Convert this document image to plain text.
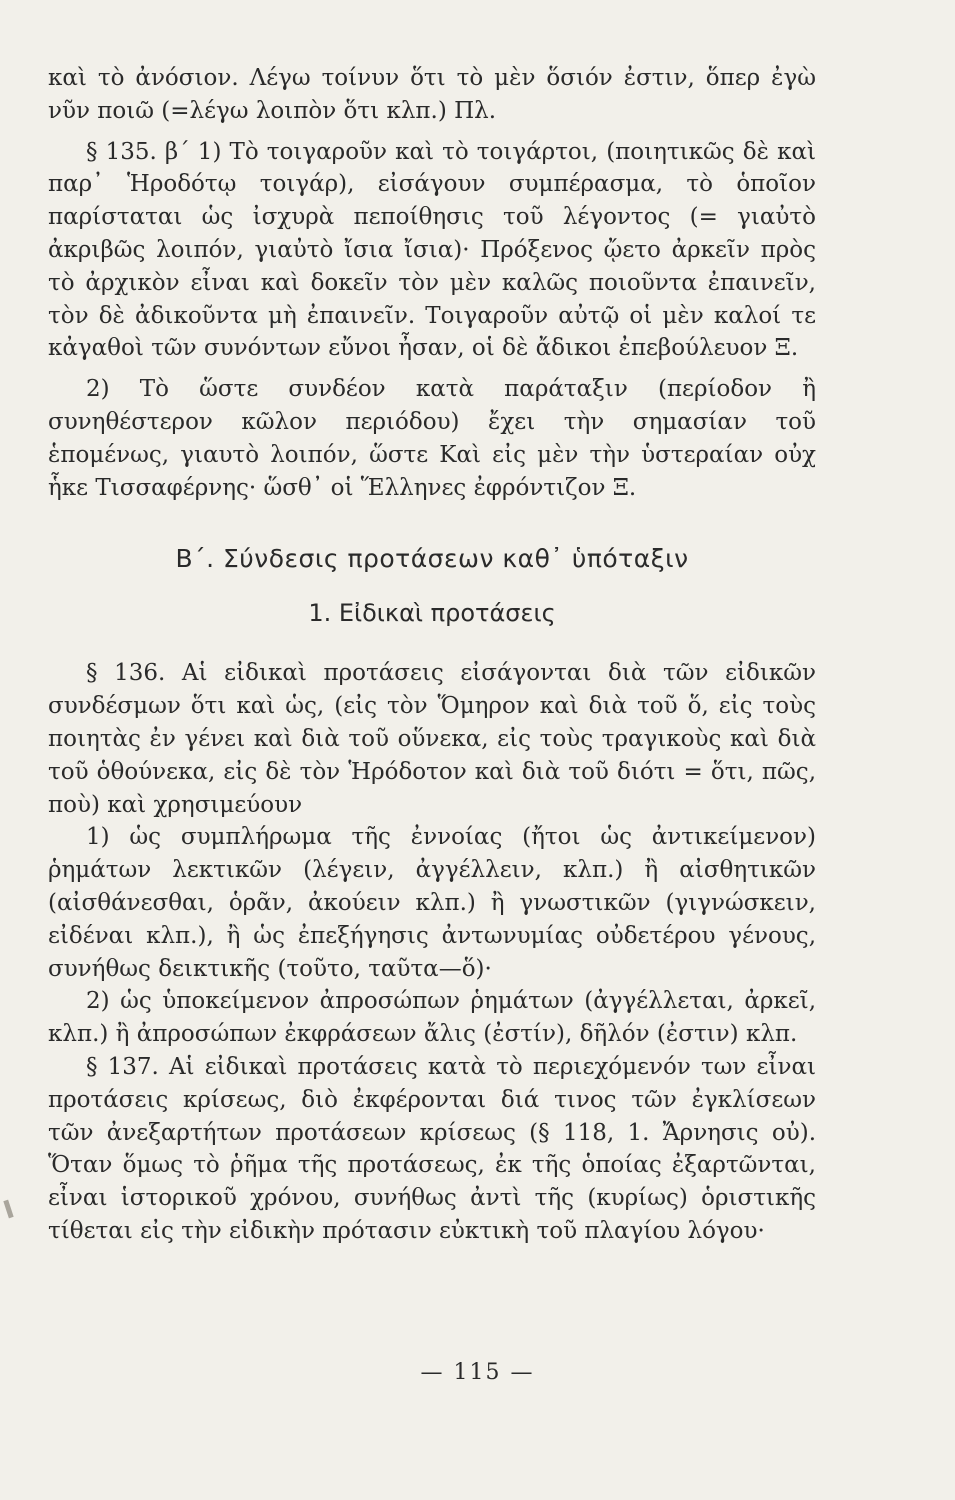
καὶ τὸ ἀνόσιον. Λέγω τοίνυν ὅτι τὸ μὲν ὅσιόν ἐστιν, ὅπερ ἐγὼ νῦν ποιῶ (=λέγω λοιπὸν ὅτι κλπ.) Πλ.

§ 135. β΄ 1) Τὸ τοιγαροῦν καὶ τὸ τοιγάρτοι, (ποιητικῶς δὲ καὶ παρ᾽ Ἡροδότῳ τοιγάρ), εἰσάγουν συμπέρασμα, τὸ ὁποῖον παρίσταται ὡς ἰσχυρὰ πεποίθησις τοῦ λέγοντος (= γιαὐτὸ ἀκριβῶς λοιπόν, γιαὐτὸ ἴσια ἴσια)· Πρόξενος ᾤετο ἀρκεῖν πρὸς τὸ ἀρχικὸν εἶναι καὶ δοκεῖν τὸν μὲν καλῶς ποιοῦντα ἐπαινεῖν, τὸν δὲ ἀδικοῦντα μὴ ἐπαινεῖν. Τοιγαροῦν αὐτῷ οἱ μὲν καλοί τε κἀγαθοὶ τῶν συνόντων εὔνοι ἦσαν, οἱ δὲ ἄδικοι ἐπεβούλευον Ξ.

2) Τὸ ὥστε συνδέον κατὰ παράταξιν (περίοδον ἢ συνηθέστερον κῶλον περιόδου) ἔχει τὴν σημασίαν τοῦ ἑπομένως, γιαυτὸ λοιπόν, ὥστε Καὶ εἰς μὲν τὴν ὑστεραίαν οὐχ ἧκε Τισσαφέρνης· ὥσθ᾽ οἱ Ἕλληνες ἐφρόντιζον Ξ.

Β΄. Σύνδεσις προτάσεων καθ᾽ ὑπόταξιν
1. Εἰδικαὶ προτάσεις

§ 136. Αἱ εἰδικαὶ προτάσεις εἰσάγονται διὰ τῶν εἰδικῶν συνδέσμων ὅτι καὶ ὡς, (εἰς τὸν Ὅμηρον καὶ διὰ τοῦ ὅ, εἰς τοὺς ποιητὰς ἐν γένει καὶ διὰ τοῦ οὕνεκα, εἰς τοὺς τραγικοὺς καὶ διὰ τοῦ ὁθούνεκα, εἰς δὲ τὸν Ἡρόδοτον καὶ διὰ τοῦ διότι = ὅτι, πῶς, ποὺ) καὶ χρησιμεύουν

1) ὡς συμπλήρωμα τῆς ἐννοίας (ἤτοι ὡς ἀντικείμενον) ῥημάτων λεκτικῶν (λέγειν, ἀγγέλλειν, κλπ.) ἢ αἰσθητικῶν (αἰσθάνεσθαι, ὁρᾶν, ἀκούειν κλπ.) ἢ γνωστικῶν (γιγνώσκειν, εἰδέναι κλπ.), ἢ ὡς ἐπεξήγησις ἀντωνυμίας οὐδετέρου γένους, συνήθως δεικτικῆς (τοῦτο, ταῦτα—ὅ)·

2) ὡς ὑποκείμενον ἀπροσώπων ῥημάτων (ἀγγέλλεται, ἀρκεῖ, κλπ.) ἢ ἀπροσώπων ἐκφράσεων ἄλις (ἐστίν), δῆλόν (ἐστιν) κλπ.

§ 137. Αἱ εἰδικαὶ προτάσεις κατὰ τὸ περιεχόμενόν των εἶναι προτάσεις κρίσεως, διὸ ἐκφέρονται διά τινος τῶν ἐγκλίσεων τῶν ἀνεξαρτήτων προτάσεων κρίσεως (§ 118, 1. Ἄρνησις οὐ). Ὅταν ὅμως τὸ ῥῆμα τῆς προτάσεως, ἐκ τῆς ὁποίας ἐξαρτῶνται, εἶναι ἱστορικοῦ χρόνου, συνήθως ἀντὶ τῆς (κυρίως) ὁριστικῆς τίθεται εἰς τὴν εἰδικὴν πρότασιν εὐκτικὴ τοῦ πλαγίου λόγου·

— 115 —
